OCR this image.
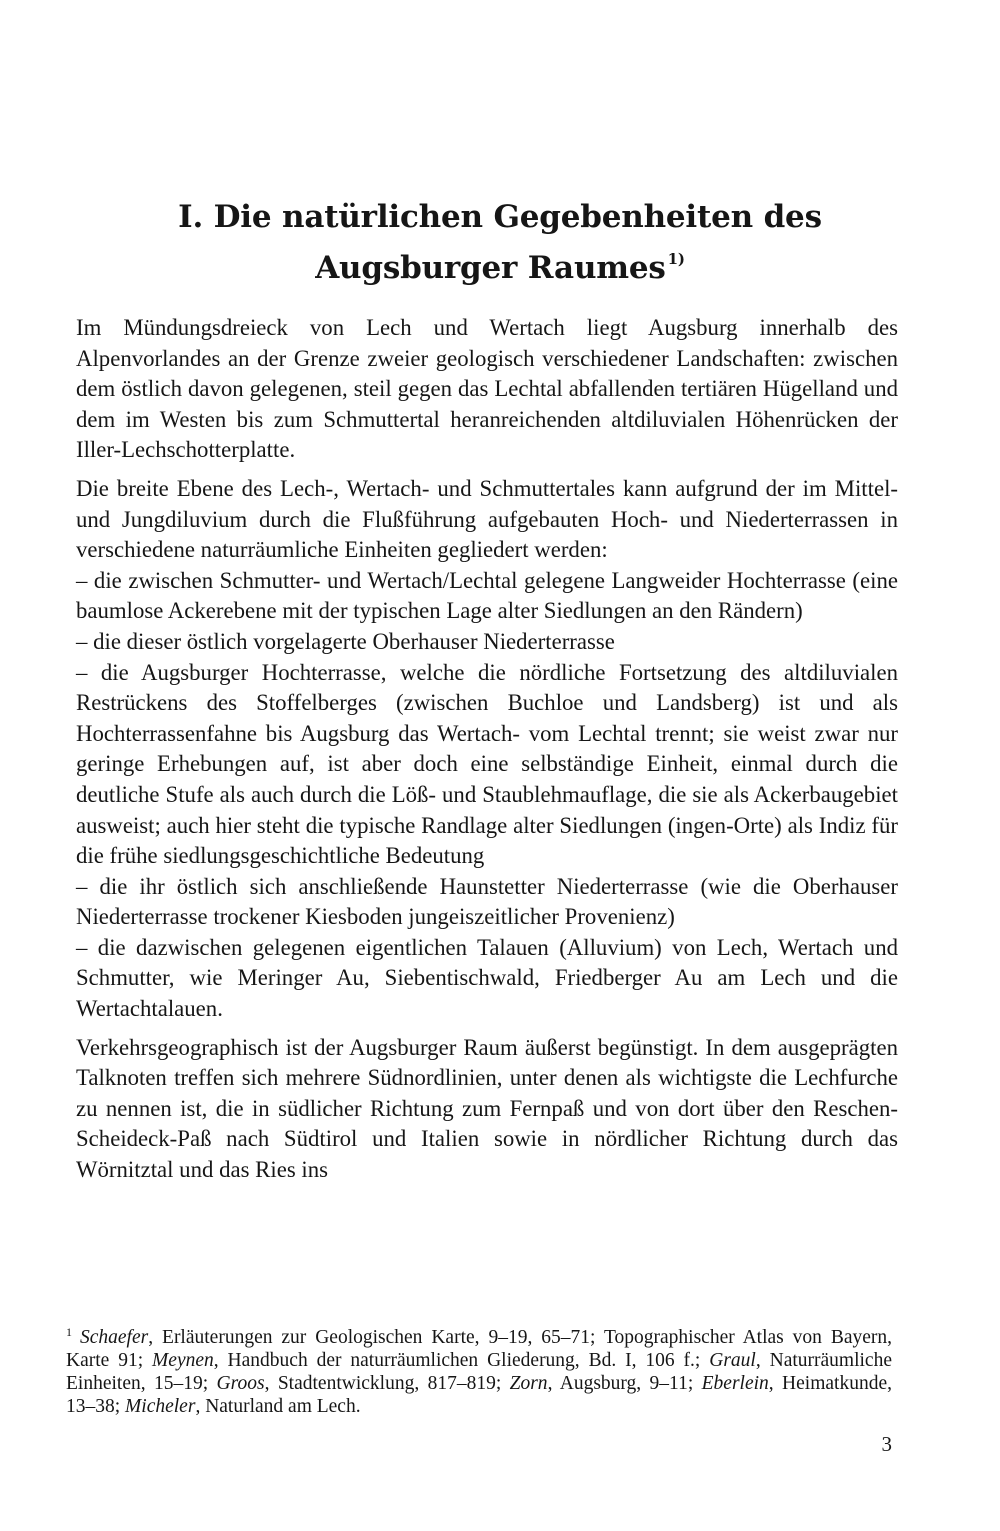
I. Die natürlichen Gegebenheiten des
Augsburger Raumes $^{1)}$

Im Mündungsdreieck von Lech und Wertach liegt Augsburg innerhalb des Alpenvorlandes an der Grenze zweier geologisch verschiedener Landschaften: zwischen dem östlich davon gelegenen, steil gegen das Lechtal abfallenden tertiären Hügelland und dem im Westen bis zum Schmuttertal heranreichenden altdiluvialen Höhenrücken der Iller-Lechschotterplatte.

Die breite Ebene des Lech-, Wertach- und Schmuttertales kann aufgrund der im Mittel- und Jungdiluvium durch die Flußführung aufgebauten Hoch- und Niederterrassen in verschiedene naturräumliche Einheiten gegliedert werden:

– die zwischen Schmutter- und Wertach/Lechtal gelegene Langweider Hochterrasse (eine baumlose Ackerebene mit der typischen Lage alter Siedlungen an den Rändern)

– die dieser östlich vorgelagerte Oberhauser Niederterrasse

– die Augsburger Hochterrasse, welche die nördliche Fortsetzung des altdiluvialen Restrückens des Stoffelberges (zwischen Buchloe und Landsberg) ist und als Hochterrassenfahne bis Augsburg das Wertach- vom Lechtal trennt; sie weist zwar nur geringe Erhebungen auf, ist aber doch eine selbständige Einheit, einmal durch die deutliche Stufe als auch durch die Löß- und Staublehmauflage, die sie als Ackerbaugebiet ausweist; auch hier steht die typische Randlage alter Siedlungen (ingen-Orte) als Indiz für die frühe siedlungsgeschichtliche Bedeutung

– die ihr östlich sich anschließende Haunstetter Niederterrasse (wie die Oberhauser Niederterrasse trockener Kiesboden jungeiszeitlicher Provenienz)

– die dazwischen gelegenen eigentlichen Talauen (Alluvium) von Lech, Wertach und Schmutter, wie Meringer Au, Siebentischwald, Friedberger Au am Lech und die Wertachtalauen.

Verkehrsgeographisch ist der Augsburger Raum äußerst begünstigt. In dem ausgeprägten Talknoten treffen sich mehrere Südnordlinien, unter denen als wichtigste die Lechfurche zu nennen ist, die in südlicher Richtung zum Fernpaß und von dort über den Reschen-Scheideck-Paß nach Südtirol und Italien sowie in nördlicher Richtung durch das Wörnitztal und das Ries ins

$^1$ Schaefer, Erläuterungen zur Geologischen Karte, 9–19, 65–71; Topographischer Atlas von Bayern, Karte 91; Meynen, Handbuch der naturräumlichen Gliederung, Bd. I, 106 f.; Graul, Naturräumliche Einheiten, 15–19; Groos, Stadtentwicklung, 817–819; Zorn, Augsburg, 9–11; Eberlein, Heimatkunde, 13–38; Micheler, Naturland am Lech.

3
